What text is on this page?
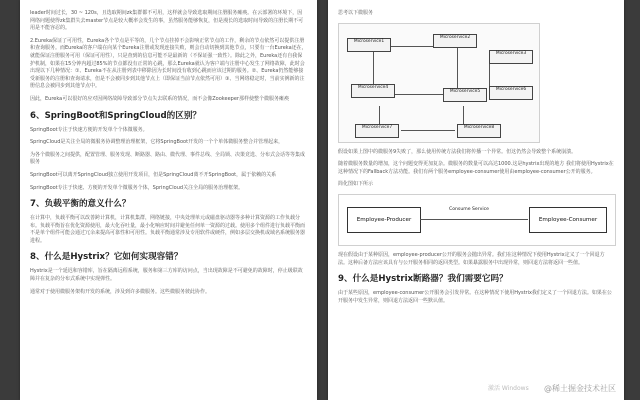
leader时间过长，30 ~ 120s，且选取期间zk集群都不可用，这样就会导致选取期间注册服务瘫痪。在云部署的环境下，因网络问题使得zk集群失去master节点是较大概率会发生的事，虽然服务能够恢复，但是漫长的选取时间导致的注册长期不可用是不能容忍的。

2.Eureka保证了可用性，Eureka各个节点是平等的，几个节点挂掉不会影响正常节点的工作，剩余的节点依然可以提供注册和查询服务。而Eureka的客户端在向某个Eureka注册或发现连接失败，则会自动切换到其他节点，只要有一台Eureka还在，就能保证注册服务可用（保证可用性），只是查到的信息可能不是最新的（不保证强一致性）。除此之外，Eureka还有自我保护机制，如果在15分钟内超过85%的节点都没有正常的心跳，那么Eureka就认为客户端与注册中心发生了网络故障，此时会出现以下几种情况：①、Eureka不在从注册列表中移除因为长时间没有收到心跳而应该过期的服务。②、Eureka仍然能够接受新服务的注册和查询请求，但是不会被同步到其他节点上（即保证当前节点依然可用）③、当网络稳定时，当前实例新的注册信息会被同步到其他节点中。

因此，Eureka可以很好的应对因网络故障导致部分节点失去联系的情况，而不会像Zookeeper那样使整个微服务瘫痪

6、SpringBoot和SpringCloud的区别？

SpringBoot专注于快速方便的开发单个个体微服务。

SpringCloud是关注全局的微服务协调整理治理框架，它将SpringBoot开发的一个个单体微服务整合并管理起来，

为各个微服务之间提供，配置管理、服务发现、断路器、路由、微代理、事件总线、全局锁、决策竞选、分布式会话等等集成服务

SpringBoot可以离开SpringCloud独立使用开发项目，但是SpringCloud离不开SpringBoot，属于依赖的关系

SpringBoot专注于快速、方便的开发单个微服务个体，SpringCloud关注全局的服务治理框架。

7、负载平衡的意义什么？

在计算中，负载平衡可以改善跨计算机，计算机集群，网络链接，中央处理单元或磁盘驱动器等多种计算资源的工作负载分布。负载平衡旨在优化资源使用，最大化吞吐量，最小化响应时间并避免任何单一资源的过载。使用多个组件进行负载平衡而不是单个组件可能会通过冗余来提高可靠性和可用性。负载平衡通常涉及专用软件或硬件，例如多层交换机或域名系统服务器进程。

8、什么是Hystrix？它如何实现容错？

Hystrix是一个延迟和容错库，旨在隔离远程系统，服务和第三方库的访问点，当出现故障是不可避免的故障时，停止级联故障并在复杂的分布式系统中实现弹性。

通常对于使用微服务架构开发的系统，涉及到许多微服务。这些微服务彼此协作。

思考以下微服务

Microservice1
Microservice2
Microservice3
Microservice4
Microservice5	Microservice6
Microservice7	Microservice8

假设如果上图中的微服务9失败了，那么使用传统方法我们将传播一个异常。但这仍然会导致整个系统崩溃。

随着微服务数量的增加，这个问题变得更加复杂。微服务的数量可以高达1000.这是hystrix出现的地方 我们将使用Hystrix在这种情况下的Fallback方法功能。我们有两个服务employee-consumer使用由employee-consumer公开的服务。

简化图如下所示

Employee-Producer	Employee-Consumer
Consume Service

现在假设由于某种原因，employee-producer公开的服务会抛出异常。我们在这种情况下使用Hystrix定义了一个回退方法。这种后备方法应该具有与公开服务相同的返回类型。如果暴露服务中出现异常，则回退方法将返回一些值。

9、什么是Hystrix断路器？我们需要它吗？

由于某些原因，employee-consumer公开服务会引发异常。在这种情况下使用Hystrix我们定义了一个回退方法。如果在公开服务中发生异常，则回退方法返回一些默认值。

@稀土掘金技术社区
激活 Windows
